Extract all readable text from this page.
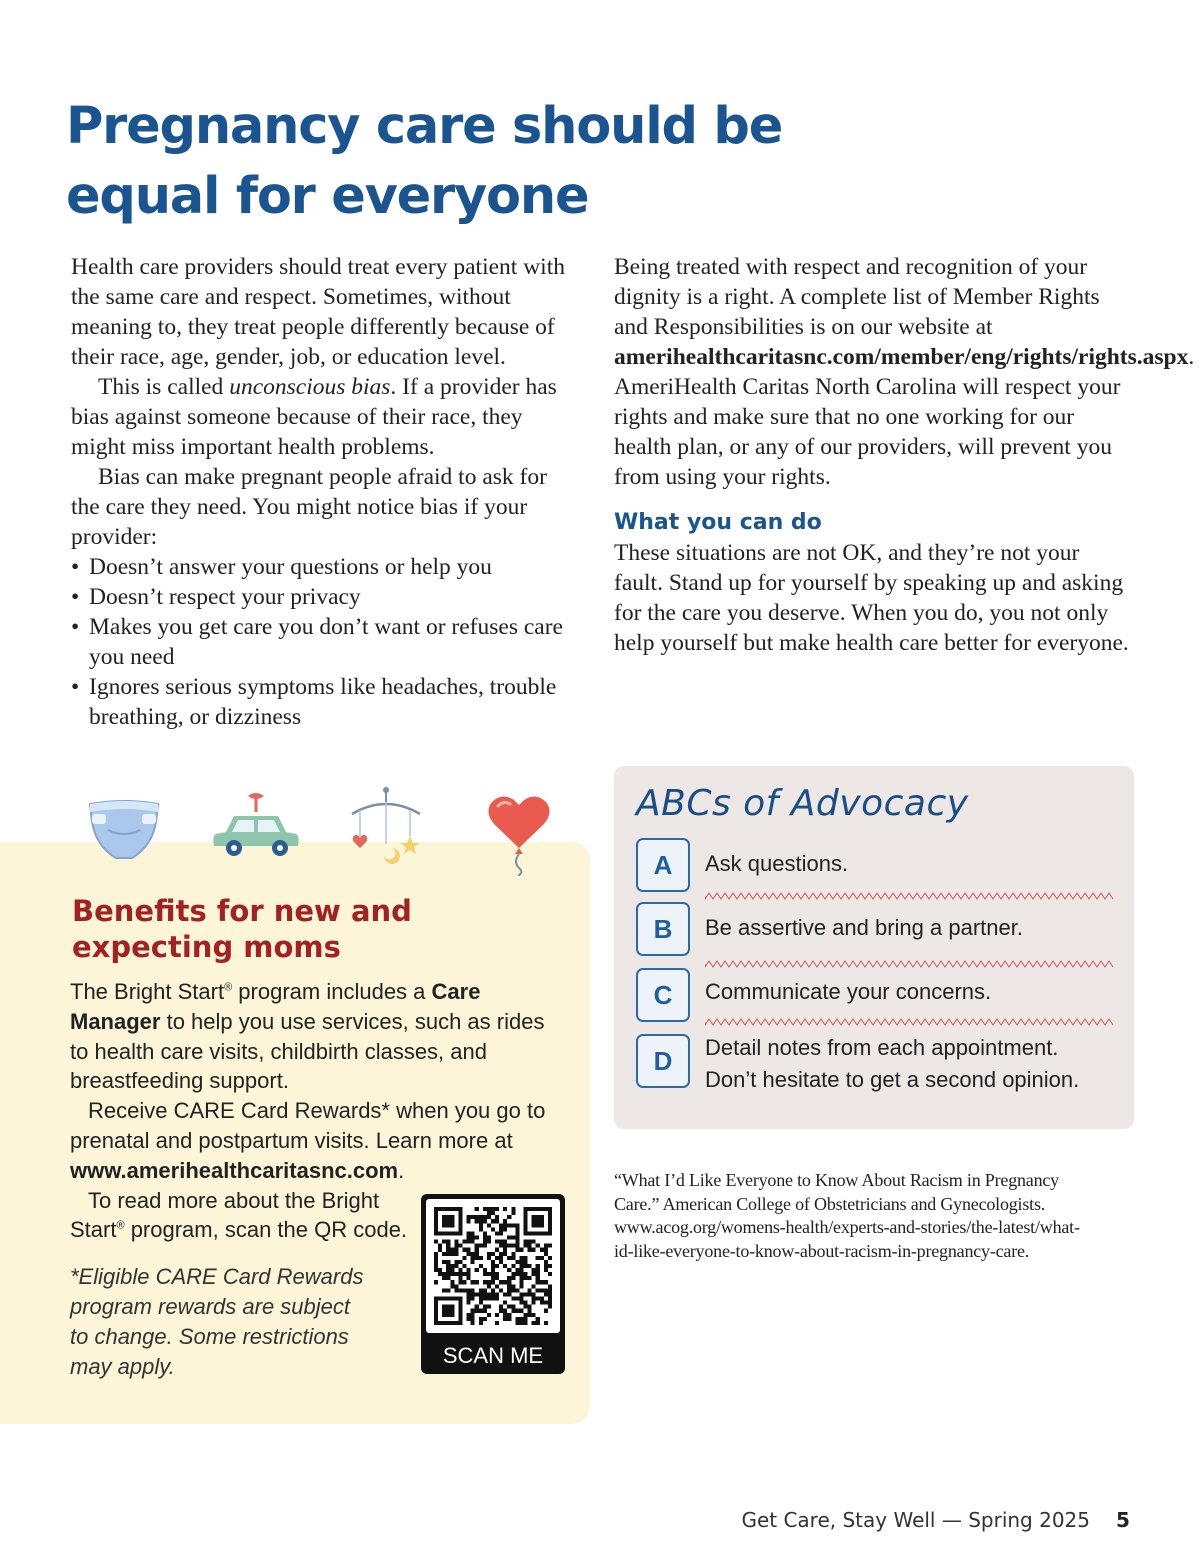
Pregnancy care should be
equal for everyone

Health care providers should treat every patient with the same care and respect. Sometimes, without meaning to, they treat people differently because of their race, age, gender, job, or education level.

This is called unconscious bias. If a provider has bias against someone because of their race, they might miss important health problems.

Bias can make pregnant people afraid to ask for the care they need. You might notice bias if your provider:

• Doesn’t answer your questions or help you
• Doesn’t respect your privacy
• Makes you get care you don’t want or refuses care you need
• Ignores serious symptoms like headaches, trouble breathing, or dizziness

Being treated with respect and recognition of your dignity is a right. A complete list of Member Rights and Responsibilities is on our website at amerihealthcaritasnc.com/member/eng/rights/rights.aspx. AmeriHealth Caritas North Carolina will respect your rights and make sure that no one working for our health plan, or any of our providers, will prevent you from using your rights.

What you can do

These situations are not OK, and they’re not your fault. Stand up for yourself by speaking up and asking for the care you deserve. When you do, you not only help yourself but make health care better for everyone.

Benefits for new and expecting moms

The Bright Start® program includes a Care Manager to help you use services, such as rides to health care visits, childbirth classes, and breastfeeding support.

Receive CARE Card Rewards* when you go to prenatal and postpartum visits. Learn more at www.amerihealthcaritasnc.com.

To read more about the Bright Start® program, scan the QR code.

*Eligible CARE Card Rewards program rewards are subject to change. Some restrictions may apply.	SCAN ME
ABCs of Advocacy
A	Ask questions.
B	Be assertive and bring a partner.
C	Communicate your concerns.
D	Detail notes from each appointment. Don’t hesitate to get a second opinion.
“What I’d Like Everyone to Know About Racism in Pregnancy Care.” American College of Obstetricians and Gynecologists. www.acog.org/womens-health/experts-and-stories/the-latest/what-id-like-everyone-to-know-about-racism-in-pregnancy-care.
Get Care, Stay Well — Spring 2025 5
